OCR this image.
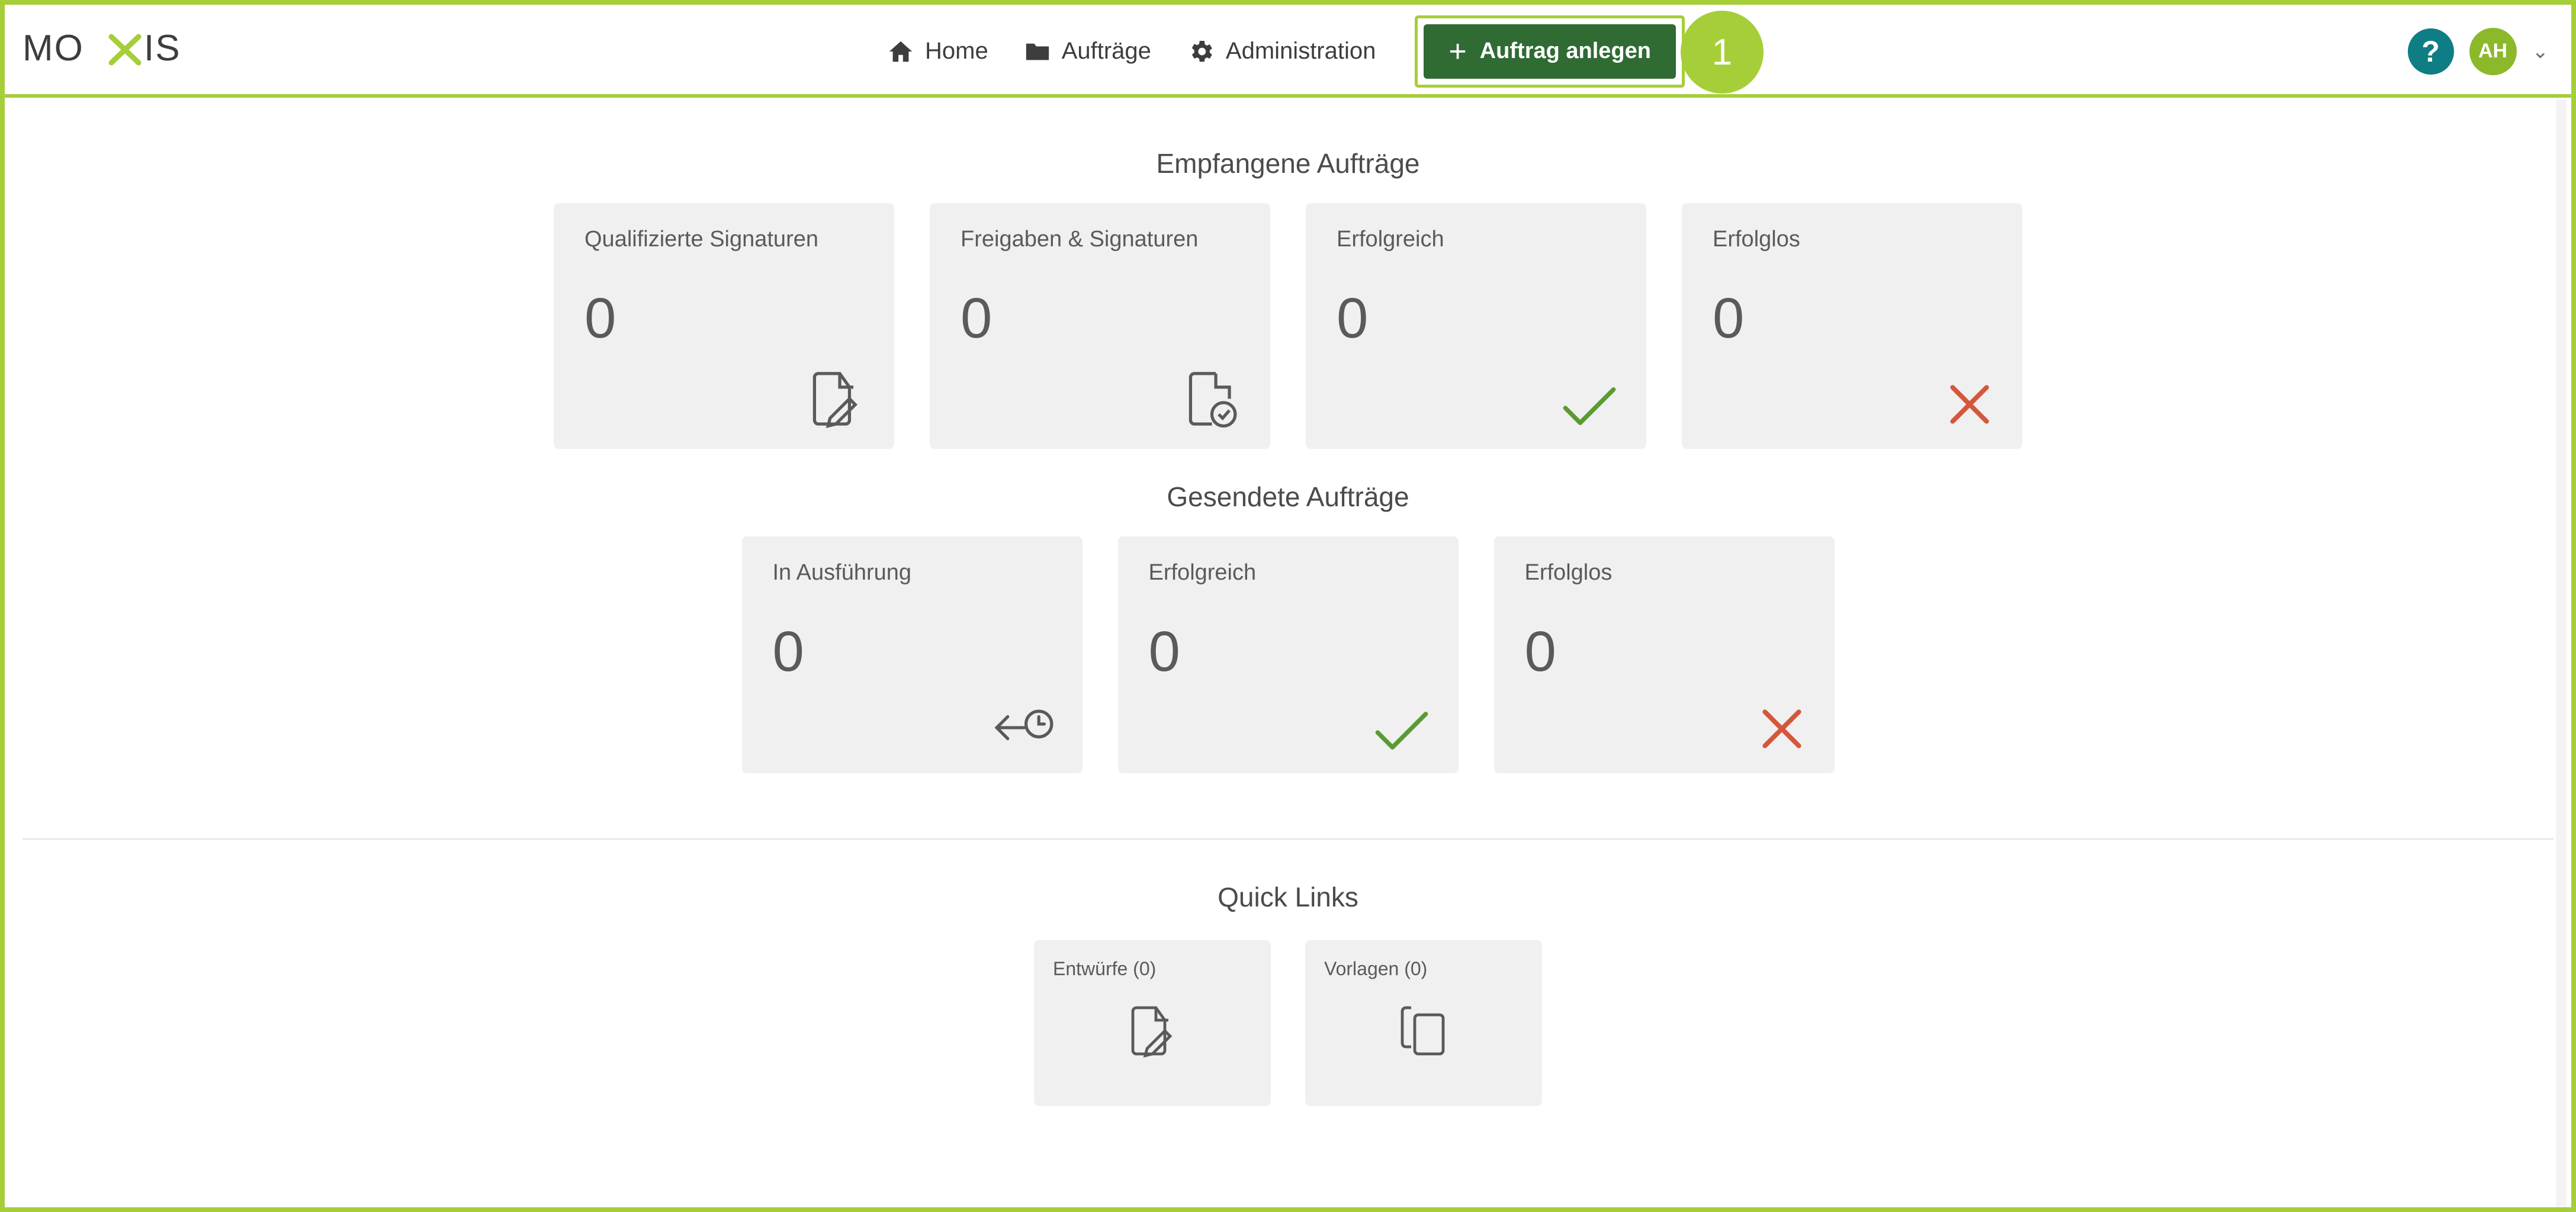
MO IS	Home	Aufträge	Administration + Auftrag anlegen	1	?	AH	⌄
Empfangene Aufträge
Qualifizierte Signaturen
0
Freigaben & Signaturen
0
Erfolgreich
0
Erfolglos
0
Gesendete Aufträge
In Ausführung
0
Erfolgreich
0
Erfolglos
0
Quick Links
Entwürfe (0)	Vorlagen (0)
